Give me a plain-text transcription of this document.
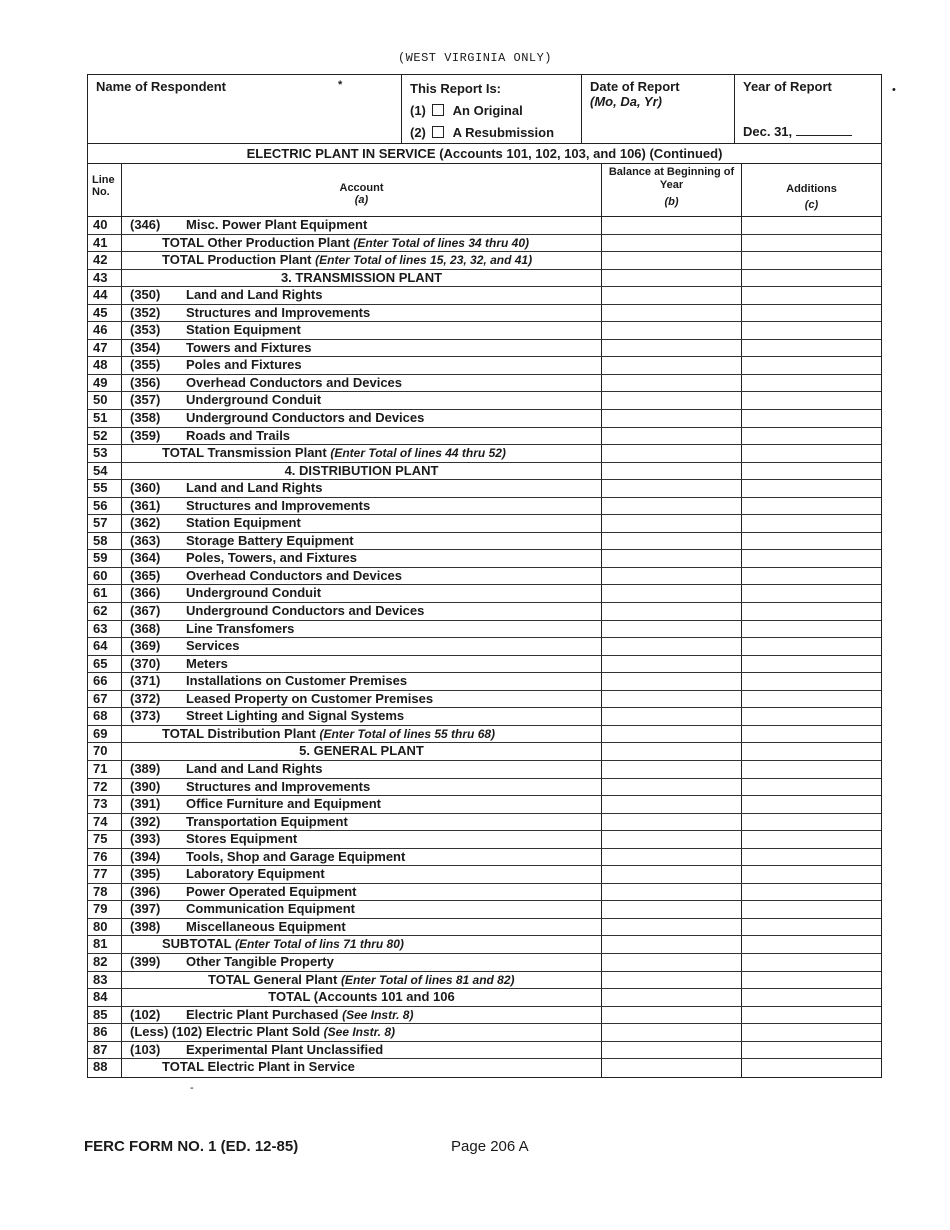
(WEST VIRGINIA ONLY)
•
Name of Respondent	*	This Report Is:
(1) An Original
(2) A Resubmission
Date of Report
(Mo, Da, Yr)
Year of Report
Dec. 31,
ELECTRIC PLANT IN SERVICE (Accounts 101, 102, 103, and 106) (Continued)
Line No.	Account
(a)
Balance at Beginning of Year
(b)
Additions
(c)
40	(346) Misc. Power Plant Equipment
41	TOTAL Other Production Plant (Enter Total of lines 34 thru 40)
42	TOTAL Production Plant (Enter Total of lines 15, 23, 32, and 41)
43	3. TRANSMISSION PLANT
44	(350) Land and Land Rights
45	(352) Structures and Improvements
46	(353) Station Equipment
47	(354) Towers and Fixtures
48	(355) Poles and Fixtures
49	(356) Overhead Conductors and Devices
50	(357) Underground Conduit
51	(358) Underground Conductors and Devices
52	(359) Roads and Trails
53	TOTAL Transmission Plant (Enter Total of lines 44 thru 52)
54	4. DISTRIBUTION PLANT
55	(360) Land and Land Rights
56	(361) Structures and Improvements
57	(362) Station Equipment
58	(363) Storage Battery Equipment
59	(364) Poles, Towers, and Fixtures
60	(365) Overhead Conductors and Devices
61	(366) Underground Conduit
62	(367) Underground Conductors and Devices
63	(368) Line Transfomers
64	(369) Services
65	(370) Meters
66	(371) Installations on Customer Premises
67	(372) Leased Property on Customer Premises
68	(373) Street Lighting and Signal Systems
69	TOTAL Distribution Plant (Enter Total of lines 55 thru 68)
70	5. GENERAL PLANT
71	(389) Land and Land Rights
72	(390) Structures and Improvements
73	(391) Office Furniture and Equipment
74	(392) Transportation Equipment
75	(393) Stores Equipment
76	(394) Tools, Shop and Garage Equipment
77	(395) Laboratory Equipment
78	(396) Power Operated Equipment
79	(397) Communication Equipment
80	(398) Miscellaneous Equipment
81	SUBTOTAL (Enter Total of lins 71 thru 80)
82	(399) Other Tangible Property
83	TOTAL General Plant (Enter Total of lines 81 and 82)
84	TOTAL (Accounts 101 and 106
85	(102) Electric Plant Purchased (See Instr. 8)
86	(Less) (102) Electric Plant Sold (See Instr. 8)
87	(103) Experimental Plant Unclassified
88	TOTAL Electric Plant in Service
-
FERC FORM NO. 1 (ED. 12-85)	Page 206 A
